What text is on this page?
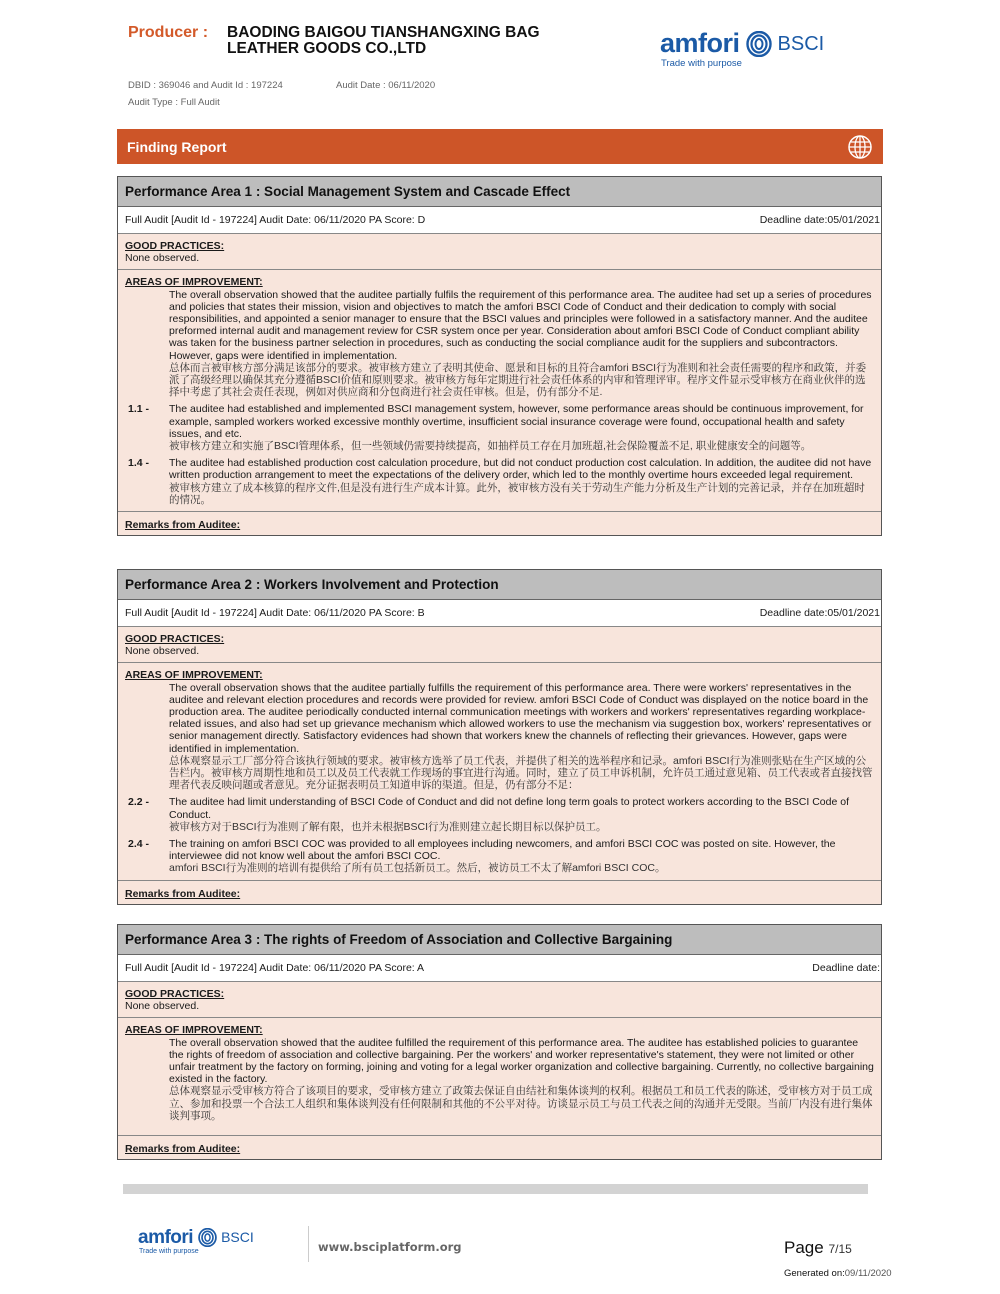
Producer : BAODING BAIGOU TIANSHANGXING BAG LEATHER GOODS CO.,LTD
DBID : 369046 and Audit Id : 197224	Audit Date : 06/11/2020
Audit Type : Full Audit
amfori BSCI
Trade with purpose
Finding Report
Performance Area 1 : Social Management System and Cascade Effect
Full Audit [Audit Id - 197224] Audit Date: 06/11/2020 PA Score: D	Deadline date:05/01/2021
GOOD PRACTICES:
None observed.
AREAS OF IMPROVEMENT:
The overall observation showed that the auditee partially fulfils the requirement of this performance area. The auditee had set up a series of procedures and policies that states their mission, vision and objectives to match the amfori BSCI Code of Conduct and their dedication to comply with social responsibilities, and appointed a senior manager to ensure that the BSCI values and principles were followed in a satisfactory manner. And the auditee preformed internal audit and management review for CSR system once per year. Consideration about amfori BSCI Code of Conduct compliant ability was taken for the business partner selection in procedures, such as conducting the social compliance audit for the suppliers and subcontractors. However, gaps were identified in implementation.
总体而言被审核方部分满足该部分的要求。被审核方建立了表明其使命、愿景和目标的且符合amfori BSCI行为准则和社会责任需要的程序和政策，并委派了高级经理以确保其充分遵循BSCI价值和原则要求。被审核方每年定期进行社会责任体系的内审和管理评审。程序文件显示受审核方在商业伙伴的选择中考虑了其社会责任表现，例如对供应商和分包商进行社会责任审核。但是，仍有部分不足.
1.1 -	The auditee had established and implemented BSCI management system, however, some performance areas should be continuous improvement, for example, sampled workers worked excessive monthly overtime, insufficient social insurance coverage were found, occupational health and safety issues, and etc.
被审核方建立和实施了BSCI管理体系，但一些领域仍需要持续提高，如抽样员工存在月加班超,社会保险覆盖不足, 职业健康安全的问题等。
1.4 -	The auditee had established production cost calculation procedure, but did not conduct production cost calculation. In addition, the auditee did not have written production arrangement to meet the expectations of the delivery order, which led to the monthly overtime hours exceeded legal requirement.
被审核方建立了成本核算的程序文件,但是没有进行生产成本计算。此外，被审核方没有关于劳动生产能力分析及生产计划的完善记录，并存在加班超时的情况。
Remarks from Auditee:
Performance Area 2 : Workers Involvement and Protection
Full Audit [Audit Id - 197224] Audit Date: 06/11/2020 PA Score: B	Deadline date:05/01/2021
GOOD PRACTICES:
None observed.
AREAS OF IMPROVEMENT:
The overall observation shows that the auditee partially fulfills the requirement of this performance area. There were workers' representatives in the auditee and relevant election procedures and records were provided for review. amfori BSCI Code of Conduct was displayed on the notice board in the production area. The auditee periodically conducted internal communication meetings with workers and workers' representatives regarding workplace-related issues, and also had set up grievance mechanism which allowed workers to use the mechanism via suggestion box, workers' representatives or senior management directly. Satisfactory evidences had shown that workers knew the channels of reflecting their grievances. However, gaps were identified in implementation.
总体观察显示工厂部分符合该执行领域的要求。被审核方选举了员工代表，并提供了相关的选举程序和记录。amfori BSCI行为准则张贴在生产区域的公告栏内。被审核方周期性地和员工以及员工代表就工作现场的事宜进行沟通。同时，建立了员工申诉机制，允许员工通过意见箱、员工代表或者直接找管理者代表反映问题或者意见。充分证据表明员工知道申诉的渠道。但是，仍有部分不足：
2.2 -	The auditee had limit understanding of BSCI Code of Conduct and did not define long term goals to protect workers according to the BSCI Code of Conduct.
被审核方对于BSCI行为准则了解有限，也并未根据BSCI行为准则建立起长期目标以保护员工。
2.4 -	The training on amfori BSCI COC was provided to all employees including newcomers, and amfori BSCI COC was posted on site. However, the interviewee did not know well about the amfori BSCI COC.
amfori BSCI行为准则的培训有提供给了所有员工包括新员工。然后，被访员工不太了解amfori BSCI COC。
Remarks from Auditee:
Performance Area 3 : The rights of Freedom of Association and Collective Bargaining
Full Audit [Audit Id - 197224] Audit Date: 06/11/2020 PA Score: A	Deadline date:
GOOD PRACTICES:
None observed.
AREAS OF IMPROVEMENT:
The overall observation showed that the auditee fulfilled the requirement of this performance area. The auditee has established policies to guarantee the rights of freedom of association and collective bargaining. Per the workers' and worker representative's statement, they were not limited or other unfair treatment by the factory on forming, joining and voting for a legal worker organization and collective bargaining. Currently, no collective bargaining existed in the factory.
总体观察显示受审核方符合了该项目的要求，受审核方建立了政策去保证自由结社和集体谈判的权利。根据员工和员工代表的陈述，受审核方对于员工成立、参加和投票一个合法工人组织和集体谈判没有任何限制和其他的不公平对待。访谈显示员工与员工代表之间的沟通并无受限。当前厂内没有进行集体谈判事项。
Remarks from Auditee:
amfori BSCI
Trade with purpose	www.bsciplatform.org	Page 7/15
Generated on:09/11/2020
